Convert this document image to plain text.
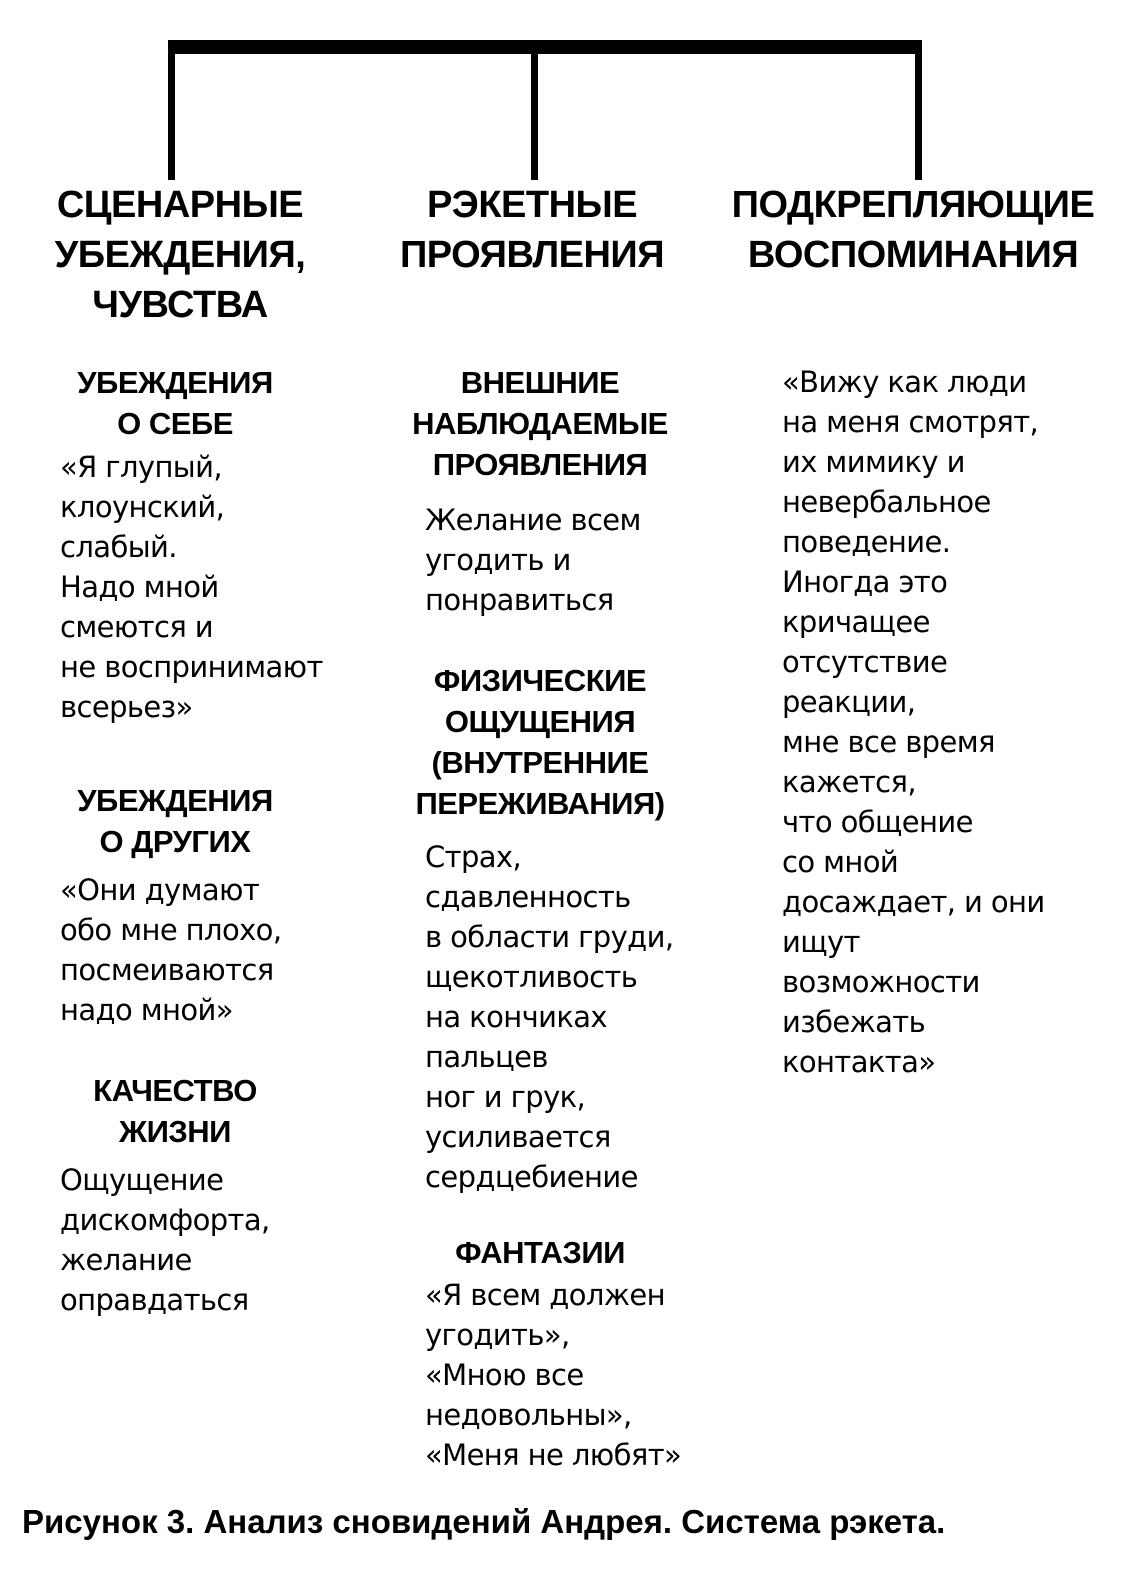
СЦЕНАРНЫЕ
УБЕЖДЕНИЯ,
ЧУВСТВА
РЭКЕТНЫЕ
ПРОЯВЛЕНИЯ
ПОДКРЕПЛЯЮЩИЕ
ВОСПОМИНАНИЯ
УБЕЖДЕНИЯ
О СЕБЕ
«Я глупый,
клоунский,
слабый.
Надо мной
смеются и
не воспринимают
всерьез»
УБЕЖДЕНИЯ
О ДРУГИХ
«Они думают
обо мне плохо,
посмеиваются
надо мной»
КАЧЕСТВО
ЖИЗНИ
Ощущение
дискомфорта,
желание
оправдаться
ВНЕШНИЕ
НАБЛЮДАЕМЫЕ
ПРОЯВЛЕНИЯ
Желание всем
угодить и
понравиться
ФИЗИЧЕСКИЕ
ОЩУЩЕНИЯ
(ВНУТРЕННИЕ
ПЕРЕЖИВАНИЯ)
Страх,
сдавленность
в области груди,
щекотливость
на кончиках
пальцев
ног и грук,
усиливается
сердцебиение
ФАНТАЗИИ
«Я всем должен
угодить»,
«Мною все
недовольны»,
«Меня не любят»
«Вижу как люди
на меня смотрят,
их мимику и
невербальное
поведение.
Иногда это
кричащее
отсутствие
реакции,
мне все время
кажется,
что общение
со мной
досаждает, и они
ищут
возможности
избежать
контакта»
Рисунок 3. Анализ сновидений Андрея. Система рэкета.
